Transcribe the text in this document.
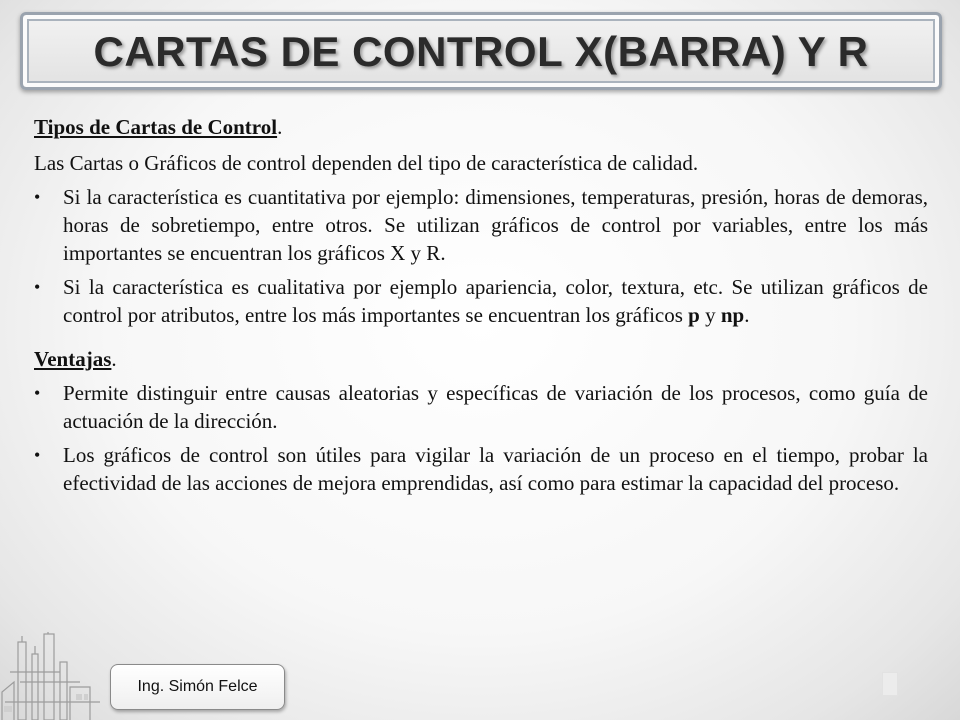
CARTAS DE CONTROL X(BARRA) Y R

Tipos de Cartas de Control.

Las Cartas o Gráficos de control dependen del tipo de característica de calidad.

• Si la característica es cuantitativa por ejemplo: dimensiones, temperaturas, presión, horas de demoras, horas de sobretiempo, entre otros. Se utilizan gráficos de control por variables, entre los más importantes se encuentran los gráficos X y R.
• Si la característica es cualitativa por ejemplo apariencia, color, textura, etc. Se utilizan gráficos de control por atributos, entre los más importantes se encuentran los gráficos p y np.

Ventajas.

• Permite distinguir entre causas aleatorias y específicas de variación de los procesos, como guía de actuación de la dirección.
• Los gráficos de control son útiles para vigilar la variación de un proceso en el tiempo, probar la efectividad de las acciones de mejora emprendidas, así como para estimar la capacidad del proceso.
Ing. Simón Felce
